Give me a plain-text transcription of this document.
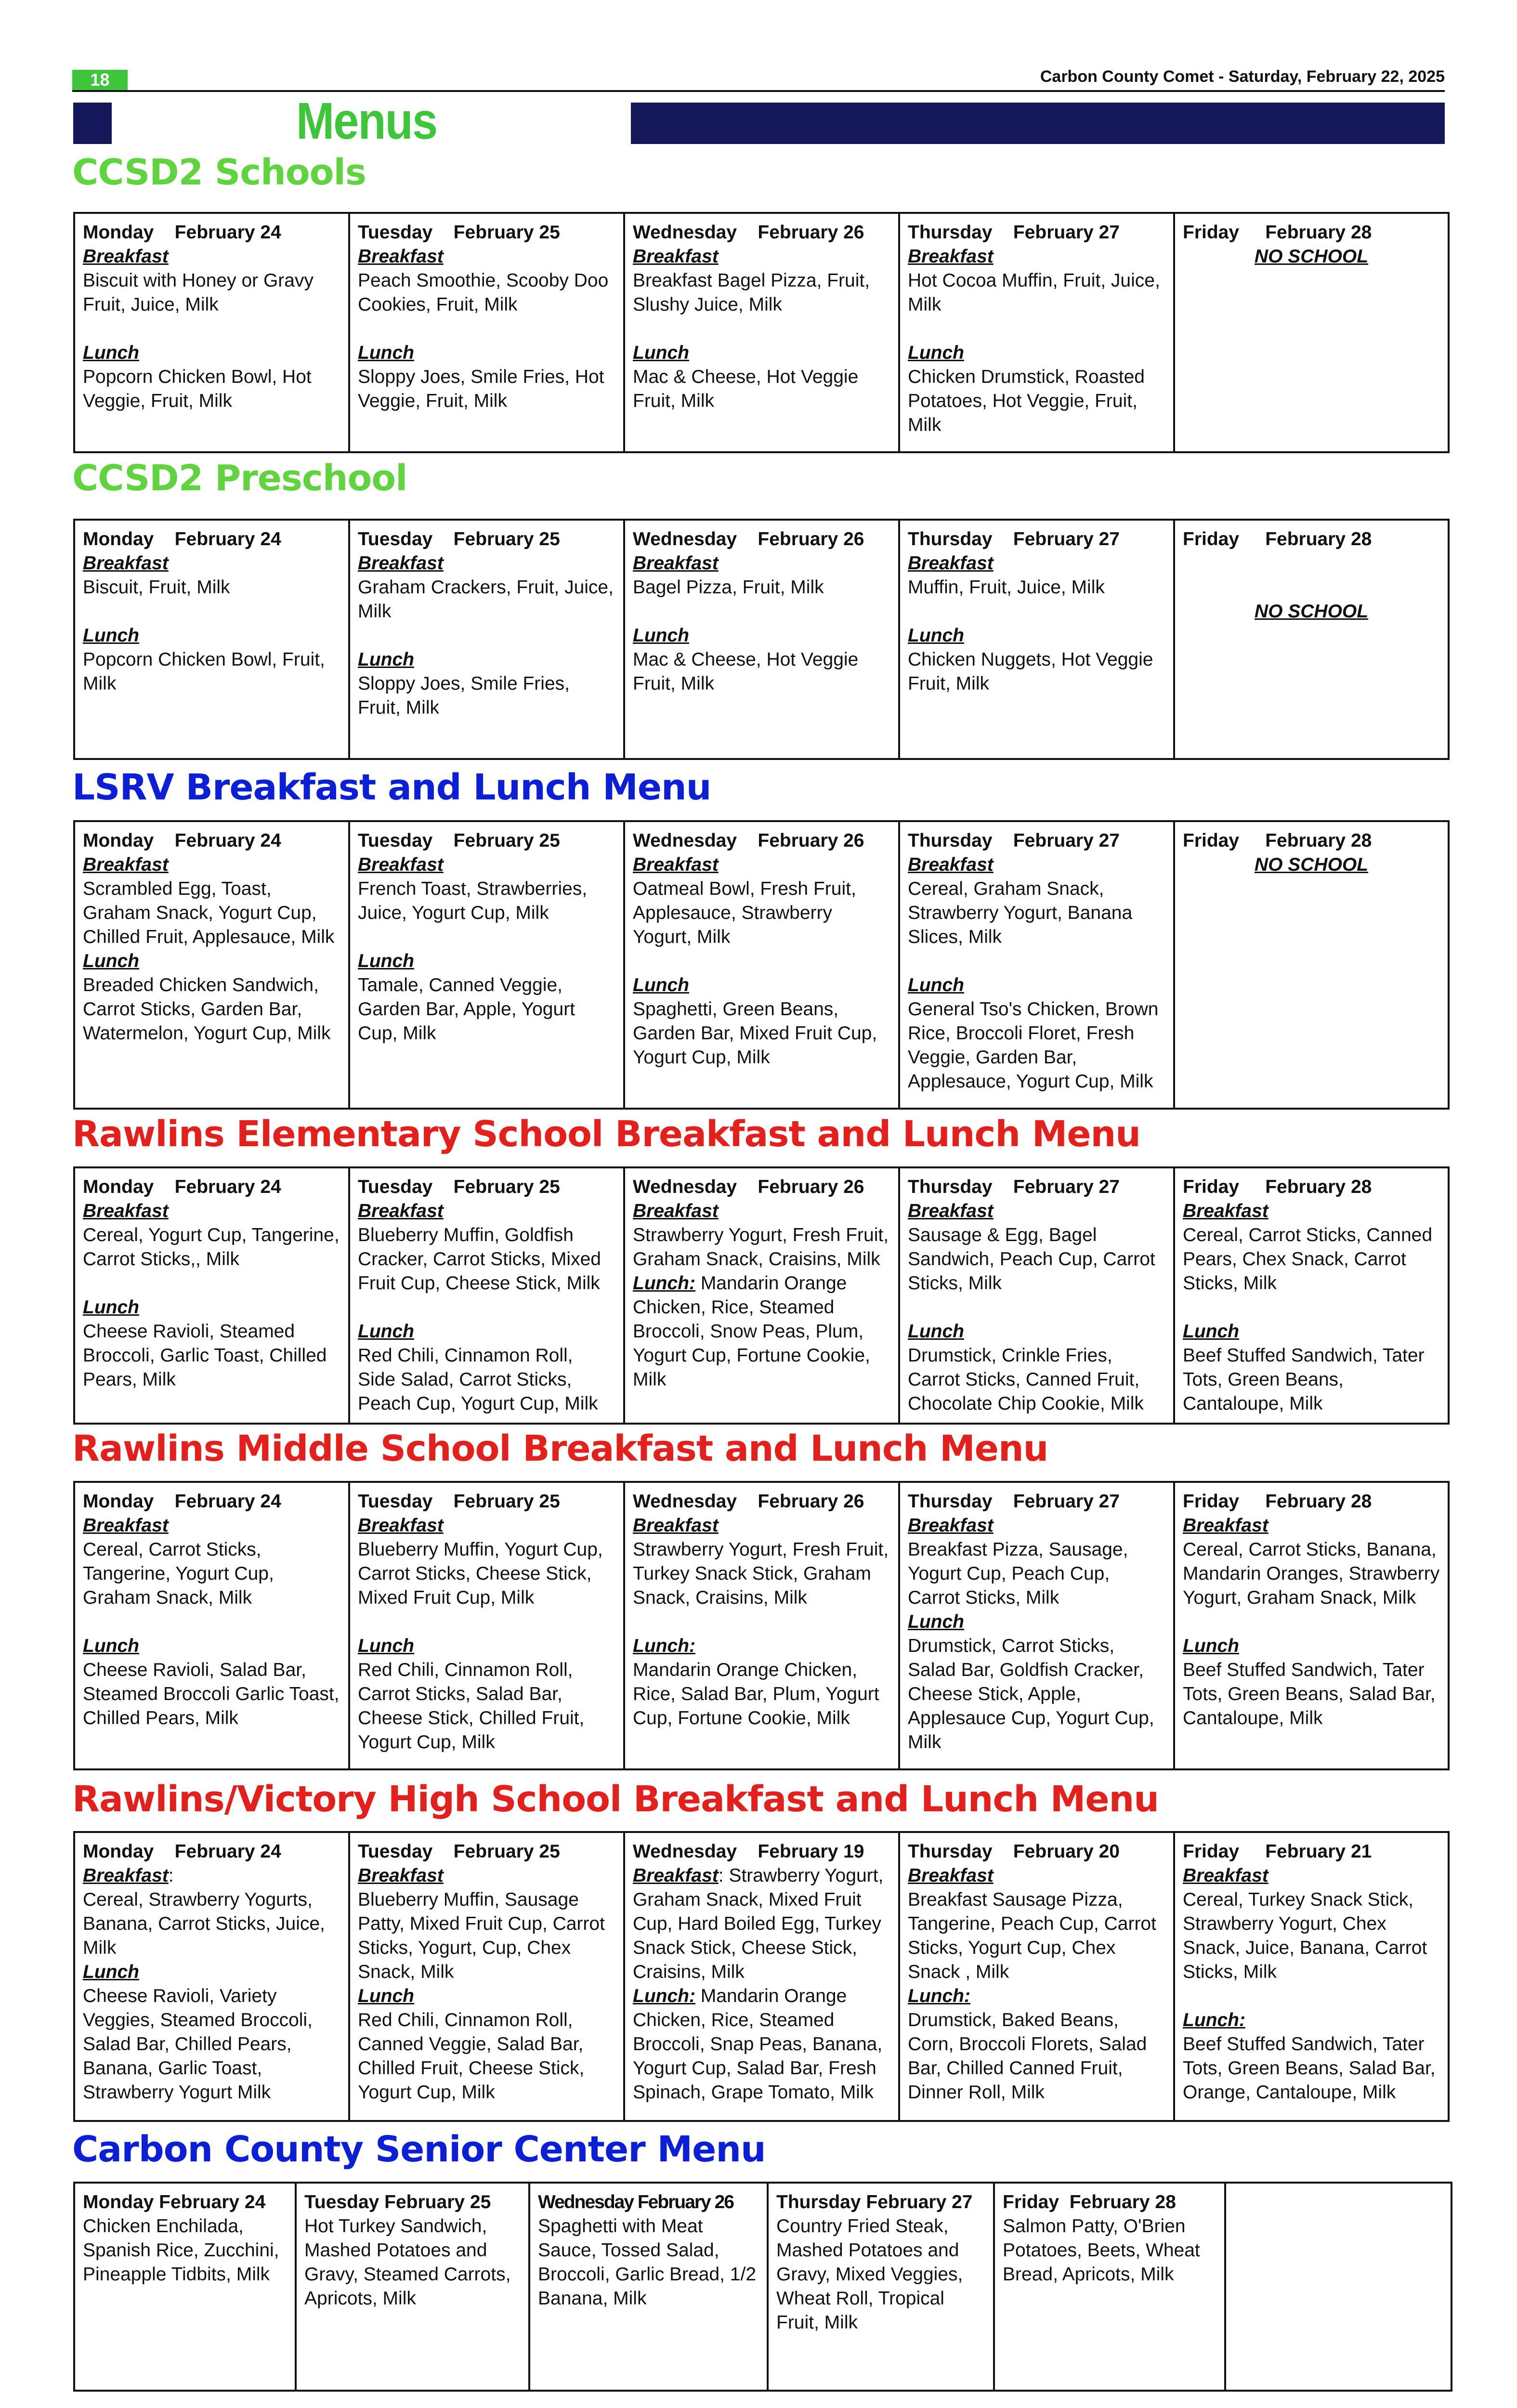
18	Carbon County Comet - Saturday, February 22, 2025
Menus
CCSD2 Schools
CCSD2 Preschool
LSRV Breakfast and Lunch Menu
Rawlins Elementary School Breakfast and Lunch Menu
Rawlins Middle School Breakfast and Lunch Menu
Rawlins/Victory High School Breakfast and Lunch Menu
Carbon County Senior Center Menu
Monday    February 24
Breakfast
Biscuit with Honey or Gravy Fruit, Juice, Milk
Lunch
Popcorn Chicken Bowl, Hot Veggie, Fruit, Milk

Tuesday    February 25
Breakfast
Peach Smoothie, Scooby Doo Cookies, Fruit, Milk
Lunch
Sloppy Joes, Smile Fries, Hot Veggie, Fruit, Milk

Wednesday    February 26
Breakfast
Breakfast Bagel Pizza, Fruit, Slushy Juice, Milk
Lunch
Mac & Cheese, Hot Veggie Fruit, Milk

Thursday    February 27
Breakfast
Hot Cocoa Muffin, Fruit, Juice, Milk
Lunch
Chicken Drumstick, Roasted Potatoes, Hot Veggie, Fruit, Milk

Friday     February 28
NO SCHOOL
Monday    February 24
Breakfast
Biscuit, Fruit, Milk
Lunch
Popcorn Chicken Bowl, Fruit, Milk

Tuesday    February 25
Breakfast
Graham Crackers, Fruit, Juice, Milk
Lunch
Sloppy Joes, Smile Fries, Fruit, Milk

Wednesday    February 26
Breakfast
Bagel Pizza, Fruit, Milk
Lunch
Mac & Cheese, Hot Veggie Fruit, Milk

Thursday    February 27
Breakfast
Muffin, Fruit, Juice, Milk
Lunch
Chicken Nuggets, Hot Veggie Fruit, Milk

Friday     February 28
NO SCHOOL
Monday    February 24
Breakfast
Scrambled Egg, Toast, Graham Snack, Yogurt Cup, Chilled Fruit, Applesauce, Milk
Lunch
Breaded Chicken Sandwich, Carrot Sticks, Garden Bar, Watermelon, Yogurt Cup, Milk

Tuesday    February 25
Breakfast
French Toast, Strawberries, Juice, Yogurt Cup, Milk
Lunch
Tamale, Canned Veggie, Garden Bar, Apple, Yogurt Cup, Milk

Wednesday    February 26
Breakfast
Oatmeal Bowl, Fresh Fruit, Applesauce, Strawberry Yogurt, Milk
Lunch
Spaghetti, Green Beans, Garden Bar, Mixed Fruit Cup, Yogurt Cup, Milk

Thursday    February 27
Breakfast
Cereal, Graham Snack, Strawberry Yogurt, Banana Slices, Milk
Lunch
General Tso's Chicken, Brown Rice, Broccoli Floret, Fresh Veggie, Garden Bar, Applesauce, Yogurt Cup, Milk

Friday     February 28
NO SCHOOL
Monday    February 24
Breakfast
Cereal, Yogurt Cup, Tangerine, Carrot Sticks,, Milk
Lunch
Cheese Ravioli, Steamed Broccoli, Garlic Toast, Chilled Pears, Milk

Tuesday    February 25
Breakfast
Blueberry Muffin, Goldfish Cracker, Carrot Sticks, Mixed Fruit Cup, Cheese Stick, Milk
Lunch
Red Chili, Cinnamon Roll, Side Salad, Carrot Sticks, Peach Cup, Yogurt Cup, Milk

Wednesday    February 26
Breakfast
Strawberry Yogurt, Fresh Fruit, Graham Snack, Craisins, Milk
Lunch: Mandarin Orange Chicken, Rice, Steamed Broccoli, Snow Peas, Plum, Yogurt Cup, Fortune Cookie, Milk

Thursday    February 27
Breakfast
Sausage & Egg, Bagel Sandwich, Peach Cup, Carrot Sticks, Milk
Lunch
Drumstick, Crinkle Fries, Carrot Sticks, Canned Fruit, Chocolate Chip Cookie, Milk

Friday     February 28
Breakfast
Cereal, Carrot Sticks, Canned Pears, Chex Snack, Carrot Sticks, Milk
Lunch
Beef Stuffed Sandwich, Tater Tots, Green Beans, Cantaloupe, Milk
Monday    February 24
Breakfast
Cereal, Carrot Sticks, Tangerine, Yogurt Cup, Graham Snack, Milk
Lunch
Cheese Ravioli, Salad Bar, Steamed Broccoli Garlic Toast, Chilled Pears, Milk

Tuesday    February 25
Breakfast
Blueberry Muffin, Yogurt Cup, Carrot Sticks, Cheese Stick, Mixed Fruit Cup, Milk
Lunch
Red Chili, Cinnamon Roll, Carrot Sticks, Salad Bar, Cheese Stick, Chilled Fruit, Yogurt Cup, Milk

Wednesday    February 26
Breakfast
Strawberry Yogurt, Fresh Fruit, Turkey Snack Stick, Graham Snack, Craisins, Milk
Lunch:
Mandarin Orange Chicken, Rice, Salad Bar, Plum, Yogurt Cup, Fortune Cookie, Milk

Thursday    February 27
Breakfast
Breakfast Pizza, Sausage, Yogurt Cup, Peach Cup, Carrot Sticks, Milk
Lunch
Drumstick, Carrot Sticks, Salad Bar, Goldfish Cracker, Cheese Stick, Apple, Applesauce Cup, Yogurt Cup, Milk

Friday     February 28
Breakfast
Cereal, Carrot Sticks, Banana, Mandarin Oranges, Strawberry Yogurt, Graham Snack, Milk
Lunch
Beef Stuffed Sandwich, Tater Tots, Green Beans, Salad Bar, Cantaloupe, Milk
Monday    February 24
Breakfast:
Cereal, Strawberry Yogurts, Banana, Carrot Sticks, Juice, Milk
Lunch
Cheese Ravioli, Variety Veggies, Steamed Broccoli, Salad Bar, Chilled Pears, Banana, Garlic Toast, Strawberry Yogurt Milk

Tuesday    February 25
Breakfast
Blueberry Muffin, Sausage Patty, Mixed Fruit Cup, Carrot Sticks, Yogurt, Cup, Chex Snack, Milk
Lunch
Red Chili, Cinnamon Roll, Canned Veggie, Salad Bar, Chilled Fruit, Cheese Stick, Yogurt Cup, Milk

Wednesday    February 19
Breakfast: Strawberry Yogurt, Graham Snack, Mixed Fruit Cup, Hard Boiled Egg, Turkey Snack Stick, Cheese Stick, Craisins, Milk
Lunch: Mandarin Orange Chicken, Rice, Steamed Broccoli, Snap Peas, Banana, Yogurt Cup, Salad Bar, Fresh Spinach, Grape Tomato, Milk

Thursday    February 20
Breakfast
Breakfast Sausage Pizza, Tangerine, Peach Cup, Carrot Sticks, Yogurt Cup, Chex Snack , Milk
Lunch:
Drumstick, Baked Beans, Corn, Broccoli Florets, Salad Bar, Chilled Canned Fruit, Dinner Roll, Milk

Friday     February 21
Breakfast
Cereal, Turkey Snack Stick, Strawberry Yogurt, Chex Snack, Juice, Banana, Carrot Sticks, Milk
Lunch:
Beef Stuffed Sandwich, Tater Tots, Green Beans, Salad Bar, Orange, Cantaloupe, Milk
Monday February 24
Chicken Enchilada, Spanish Rice, Zucchini, Pineapple Tidbits, Milk

Tuesday February 25
Hot Turkey Sandwich, Mashed Potatoes and Gravy, Steamed Carrots, Apricots, Milk

Wednesday February 26
Spaghetti with Meat Sauce, Tossed Salad, Broccoli, Garlic Bread, 1/2 Banana, Milk

Thursday February 27
Country Fried Steak, Mashed Potatoes and Gravy, Mixed Veggies, Wheat Roll, Tropical Fruit, Milk

Friday  February 28
Salmon Patty, O'Brien Potatoes, Beets, Wheat Bread, Apricots, Milk
